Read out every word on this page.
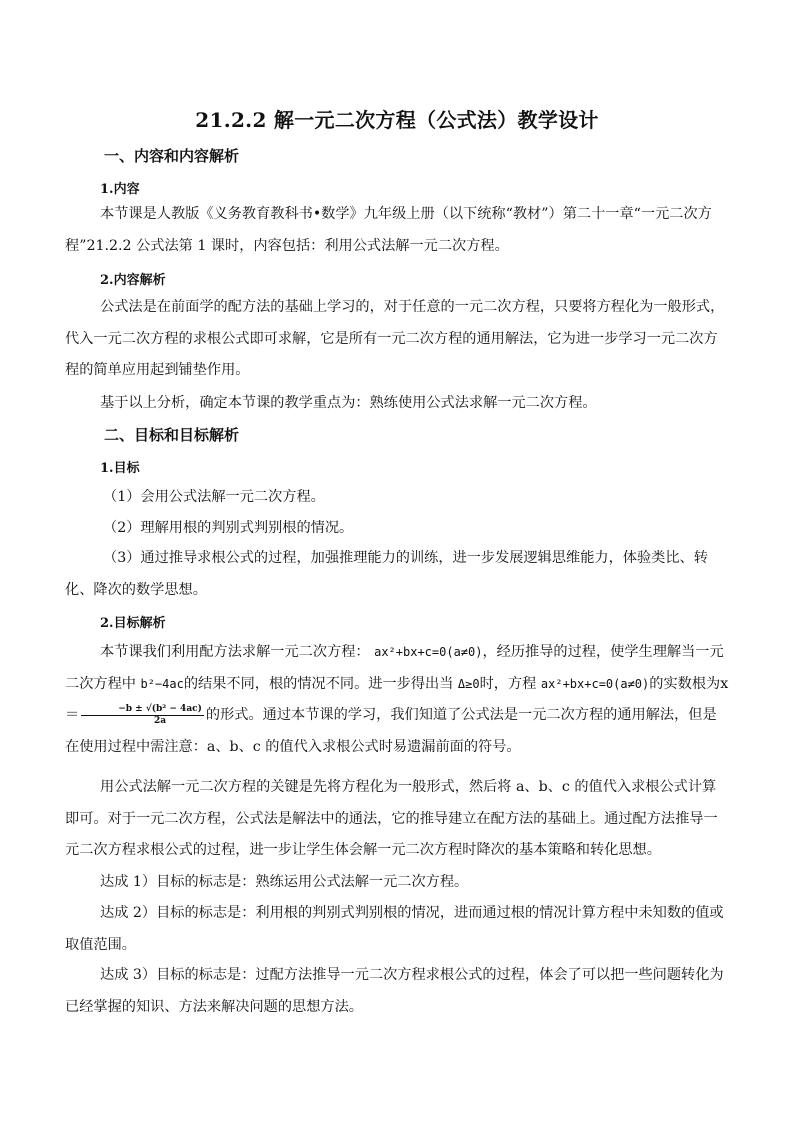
21.2.2 解一元二次方程（公式法）教学设计
一、内容和内容解析
1.内容
本节课是人教版《义务教育教科书•数学》九年级上册（以下统称“教材”）第二十一章“一元二次方程”21.2.2 公式法第 1 课时，内容包括：利用公式法解一元二次方程。
2.内容解析
公式法是在前面学的配方法的基础上学习的，对于任意的一元二次方程，只要将方程化为一般形式，代入一元二次方程的求根公式即可求解，它是所有一元二次方程的通用解法，它为进一步学习一元二次方程的简单应用起到铺垫作用。
基于以上分析，确定本节课的教学重点为：熟练使用公式法求解一元二次方程。
二、目标和目标解析
1.目标
（1）会用公式法解一元二次方程。
（2）理解用根的判别式判别根的情况。
（3）通过推导求根公式的过程，加强推理能力的训练，进一步发展逻辑思维能力，体验类比、转化、降次的数学思想。
2.目标解析
本节课我们利用配方法求解一元二次方程： ax²+bx+c=0(a≠0)，经历推导的过程，使学生理解当一元二次方程中 b²−4ac的结果不同，根的情况不同。进一步得出当 Δ≥0时，方程 ax²+bx+c=0(a≠0)的实数根为$x= \frac{\text{−b ± √(b² − 4ac)}}{2a}$ 的形式。通过本节课的学习，我们知道了公式法是一元二次方程的通用解法，但是在使用过程中需注意：a、b、c 的值代入求根公式时易遗漏前面的符号。
用公式法解一元二次方程的关键是先将方程化为一般形式，然后将 a、b、c 的值代入求根公式计算即可。对于一元二次方程，公式法是解法中的通法，它的推导建立在配方法的基础上。通过配方法推导一元二次方程求根公式的过程，进一步让学生体会解一元二次方程时降次的基本策略和转化思想。
达成 1）目标的标志是：熟练运用公式法解一元二次方程。
达成 2）目标的标志是：利用根的判别式判别根的情况，进而通过根的情况计算方程中未知数的值或取值范围。
达成 3）目标的标志是：过配方法推导一元二次方程求根公式的过程，体会了可以把一些问题转化为已经掌握的知识、方法来解决问题的思想方法。
